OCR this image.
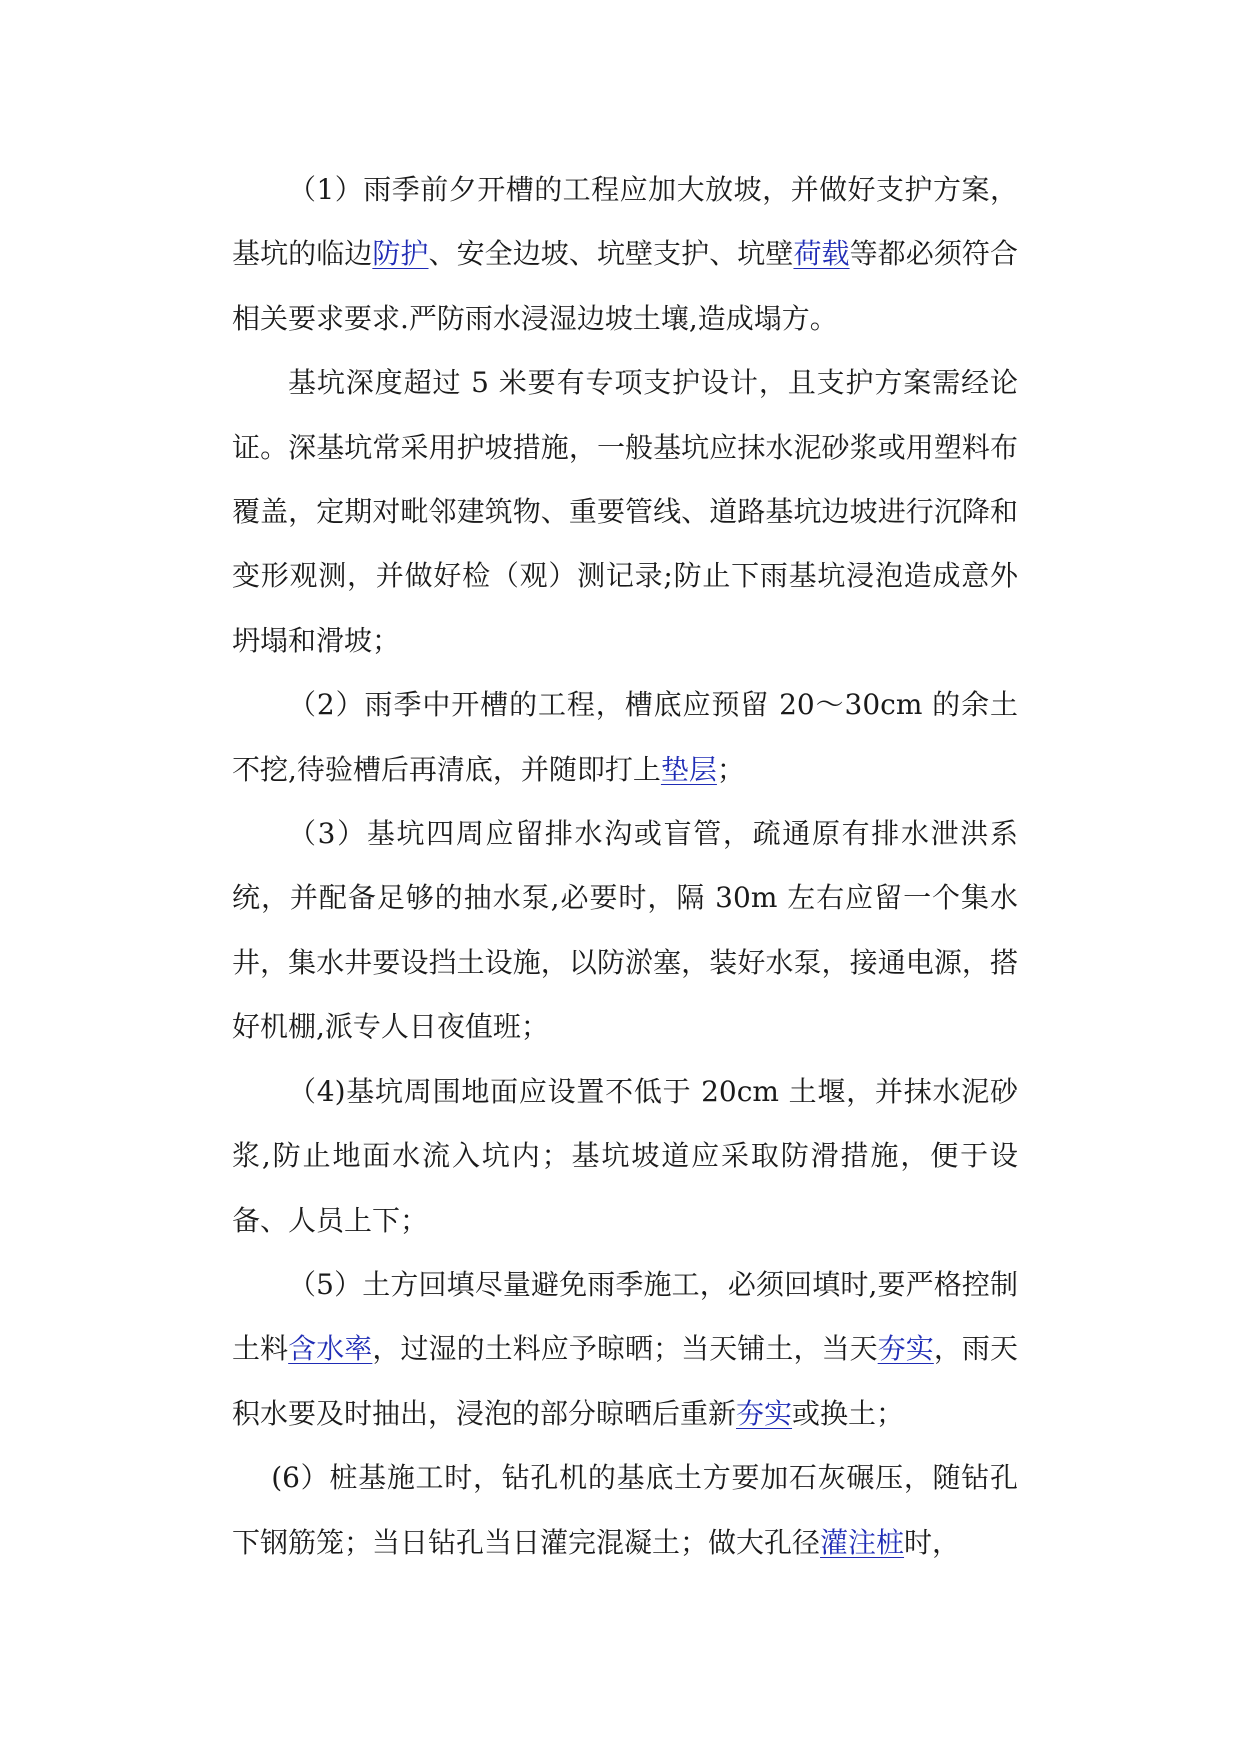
（1）雨季前夕开槽的工程应加大放坡，并做好支护方案，基坑的临边防护、安全边坡、坑壁支护、坑壁荷载等都必须符合相关要求要求.严防雨水浸湿边坡土壤,造成塌方。

基坑深度超过 5 米要有专项支护设计，且支护方案需经论证。深基坑常采用护坡措施，一般基坑应抹水泥砂浆或用塑料布覆盖，定期对毗邻建筑物、重要管线、道路基坑边坡进行沉降和变形观测，并做好检（观）测记录;防止下雨基坑浸泡造成意外坍塌和滑坡；

（2）雨季中开槽的工程，槽底应预留 20～30cm 的余土不挖,待验槽后再清底，并随即打上垫层；

（3）基坑四周应留排水沟或盲管，疏通原有排水泄洪系统，并配备足够的抽水泵,必要时，隔 30m 左右应留一个集水井，集水井要设挡土设施，以防淤塞，装好水泵，接通电源，搭好机棚,派专人日夜值班；

（4)基坑周围地面应设置不低于 20cm 土堰，并抹水泥砂浆,防止地面水流入坑内；基坑坡道应采取防滑措施，便于设备、人员上下；

（5）土方回填尽量避免雨季施工，必须回填时,要严格控制土料含水率，过湿的土料应予晾晒；当天铺土，当天夯实，雨天积水要及时抽出，浸泡的部分晾晒后重新夯实或换土；

(6）桩基施工时，钻孔机的基底土方要加石灰碾压，随钻孔下钢筋笼；当日钻孔当日灌完混凝土；做大孔径灌注桩时，
